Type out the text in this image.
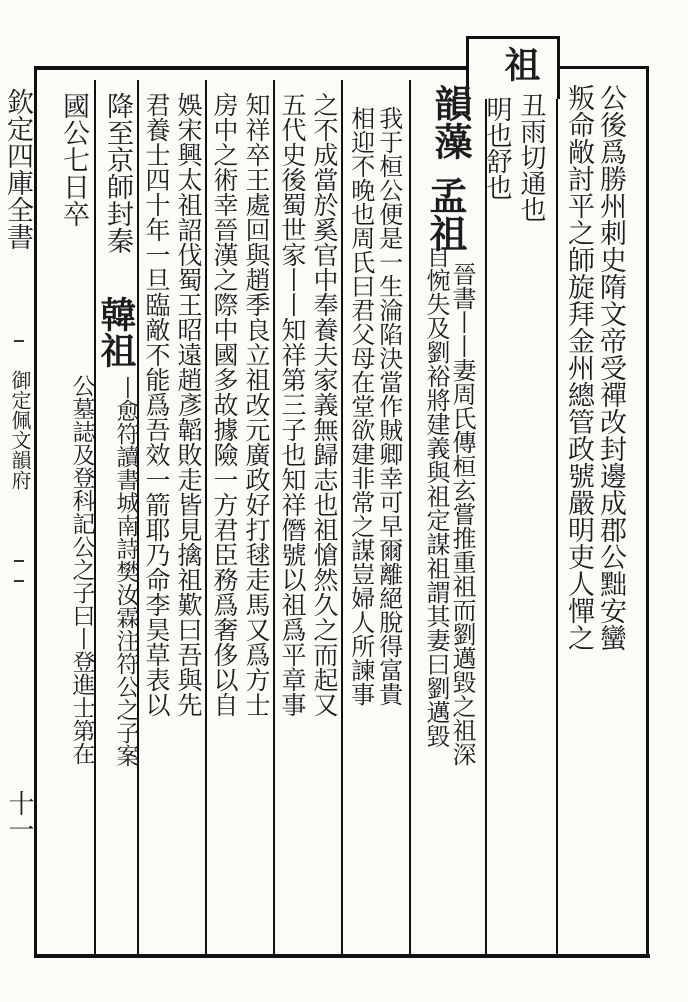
祖
欽定四庫全書
御定佩文韻府
十一
公後爲勝州刺史隋文帝受禪改封邊成郡公黜安蠻
叛命敞討平之師旋拜金州總管政號嚴明吏人憚之
丑雨切通也
明也舒也
韻藻
孟祖
晉書丨丨妻周氏傳桓玄嘗推重祖而劉邁毀之祖深
自惋失及劉裕將建義與祖定謀祖謂其妻曰劉邁毀
我于桓公便是一生淪陷決當作賊卿幸可早爾離絕脫得富貴
相迎不晚也周氏曰君父母在堂欲建非常之謀豈婦人所諫事
之不成當於奚官中奉養夫家義無歸志也祖愴然久之而起又
五代史後蜀世家丨丨知祥第三子也知祥僭號以祖爲平章事
知祥卒王處回與趙季良立祖改元廣政好打毬走馬又爲方士
房中之術幸晉漢之際中國多故據險一方君臣務爲奢侈以自
娛宋興太祖詔伐蜀王昭遠趙彥韜敗走皆見擒祖歎曰吾與先
君養士四十年一旦臨敵不能爲吾效一箭耶乃命李昊草表以
降至京師封秦
韓祖
丨愈符讀書城南詩樊汝霖注符公之子案
國公七日卒
公墓誌及登科記公之子曰丨登進士第在
